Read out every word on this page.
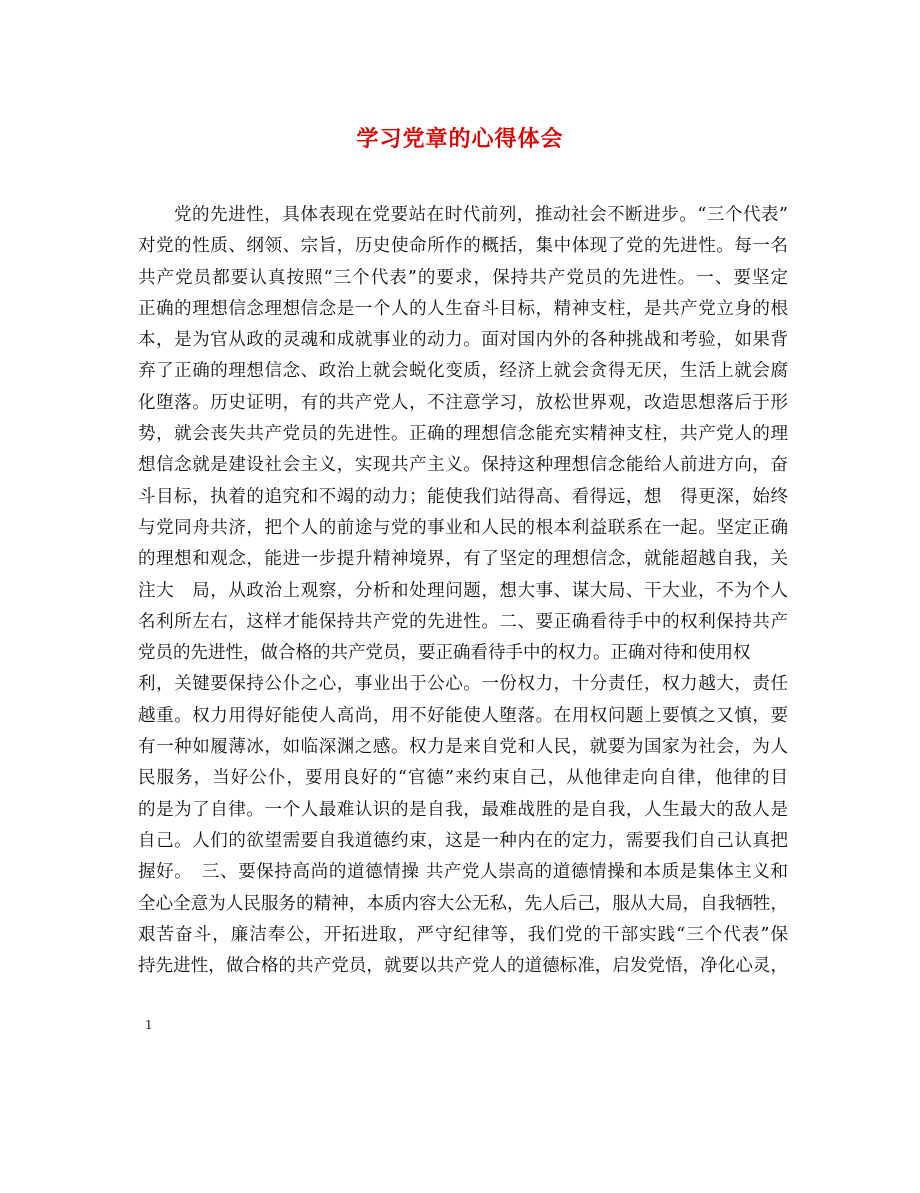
学习党章的心得体会
党的先进性，具体表现在党要站在时代前列，推动社会不断进步。“三个代表”
对党的性质、纲领、宗旨，历史使命所作的概括，集中体现了党的先进性。每一名
共产党员都要认真按照“三个代表”的要求，保持共产党员的先进性。一、要坚定
正确的理想信念理想信念是一个人的人生奋斗目标，精神支柱，是共产党立身的根
本，是为官从政的灵魂和成就事业的动力。面对国内外的各种挑战和考验，如果背
弃了正确的理想信念、政治上就会蜕化变质，经济上就会贪得无厌，生活上就会腐
化堕落。历史证明，有的共产党人，不注意学习，放松世界观，改造思想落后于形
势，就会丧失共产党员的先进性。正确的理想信念能充实精神支柱，共产党人的理
想信念就是建设社会主义，实现共产主义。保持这种理想信念能给人前进方向，奋
斗目标，执着的追究和不竭的动力；能使我们站得高、看得远，想　得更深，始终
与党同舟共济，把个人的前途与党的事业和人民的根本利益联系在一起。坚定正确
的理想和观念，能进一步提升精神境界，有了坚定的理想信念，就能超越自我，关
注大　局，从政治上观察，分析和处理问题，想大事、谋大局、干大业，不为个人
名利所左右，这样才能保持共产党的先进性。二、要正确看待手中的权利保持共产
党员的先进性，做合格的共产党员，要正确看待手中的权力。正确对待和使用权
利，关键要保持公仆之心，事业出于公心。一份权力，十分责任，权力越大，责任
越重。权力用得好能使人高尚，用不好能使人堕落。在用权问题上要慎之又慎，要
有一种如履薄冰，如临深渊之感。权力是来自党和人民，就要为国家为社会，为人
民服务，当好公仆，要用良好的“官德”来约束自己，从他律走向自律，他律的目
的是为了自律。一个人最难认识的是自我，最难战胜的是自我，人生最大的敌人是
自己。人们的欲望需要自我道德约束，这是一种内在的定力，需要我们自己认真把
握好。　三、要保持高尚的道德情操 共产党人崇高的道德情操和本质是集体主义和
全心全意为人民服务的精神，本质内容大公无私，先人后己，服从大局，自我牺牲，
艰苦奋斗，廉洁奉公，开拓进取，严守纪律等，我们党的干部实践“三个代表”保
持先进性，做合格的共产党员，就要以共产党人的道德标准，启发党悟，净化心灵，
1
